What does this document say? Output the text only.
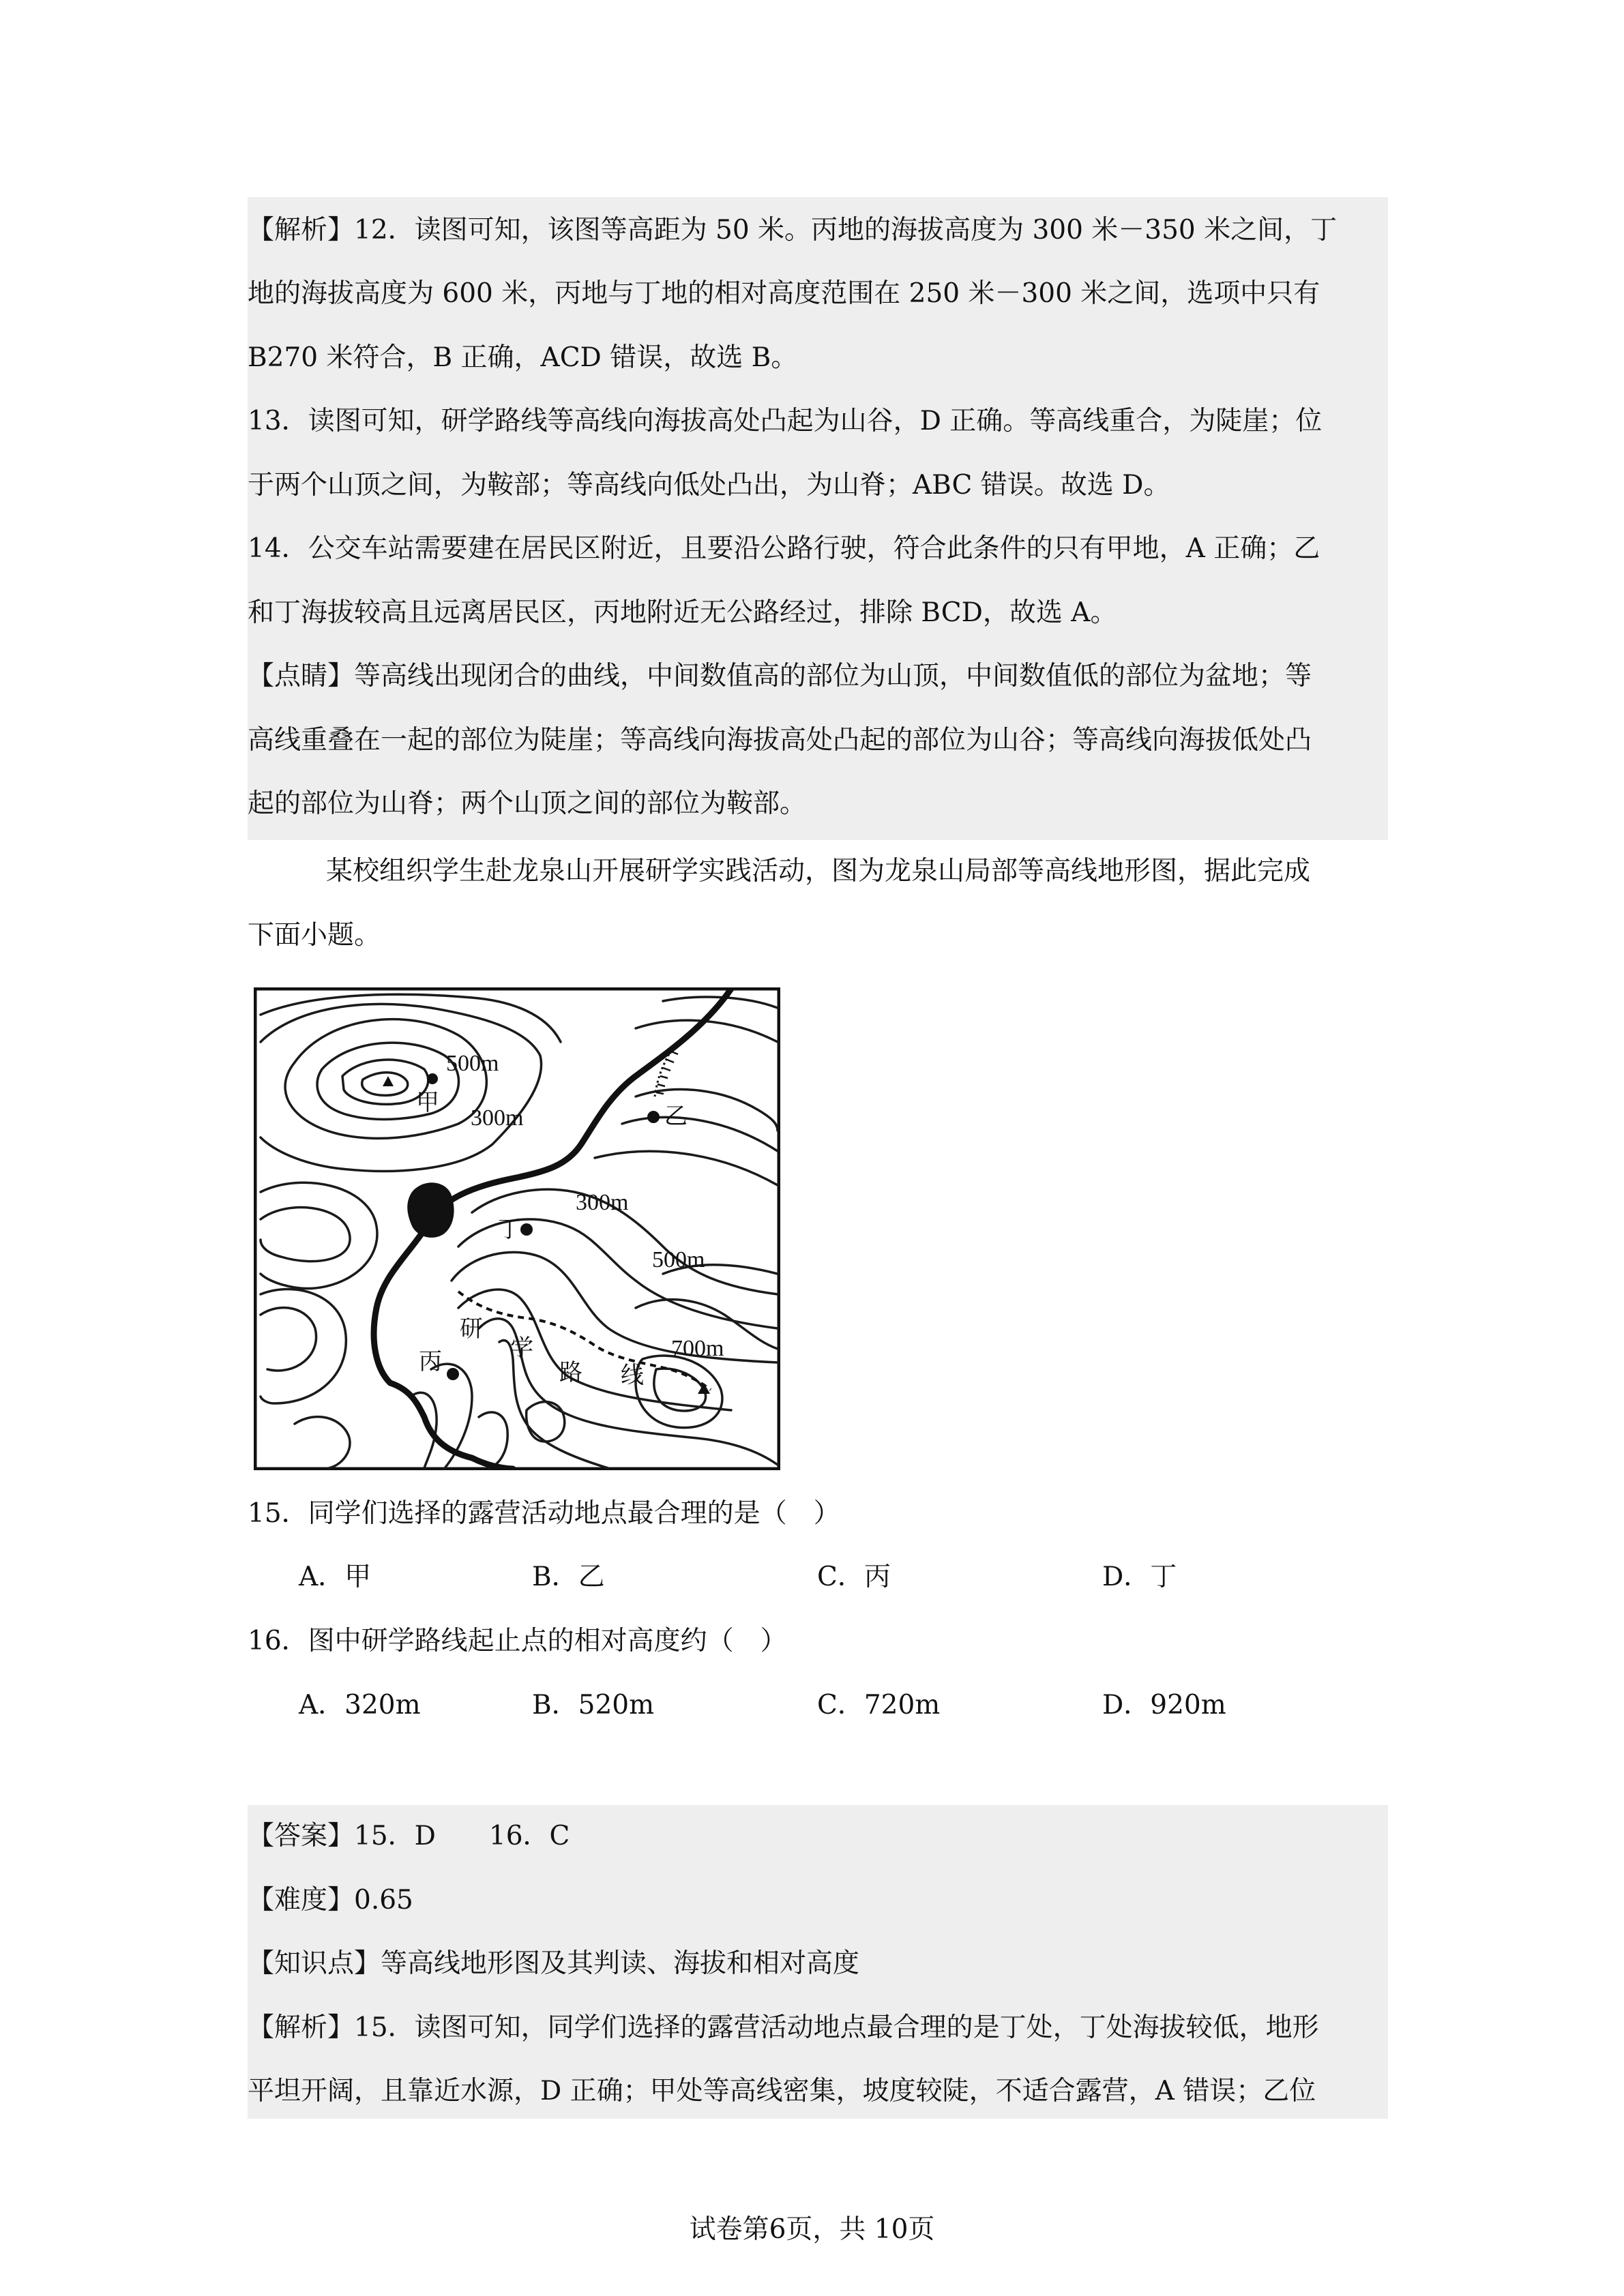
【解析】12．读图可知，该图等高距为 50 米。丙地的海拔高度为 300 米－350 米之间，丁
地的海拔高度为 600 米，丙地与丁地的相对高度范围在 250 米－300 米之间，选项中只有
B270 米符合，B 正确，ACD 错误，故选 B。
13．读图可知，研学路线等高线向海拔高处凸起为山谷，D 正确。等高线重合，为陡崖；位
于两个山顶之间，为鞍部；等高线向低处凸出，为山脊；ABC 错误。故选 D。
14．公交车站需要建在居民区附近，且要沿公路行驶，符合此条件的只有甲地，A 正确；乙
和丁海拔较高且远离居民区，丙地附近无公路经过，排除 BCD，故选 A。
【点睛】等高线出现闭合的曲线，中间数值高的部位为山顶，中间数值低的部位为盆地；等
高线重叠在一起的部位为陡崖；等高线向海拔高处凸起的部位为山谷；等高线向海拔低处凸
起的部位为山脊；两个山顶之间的部位为鞍部。
某校组织学生赴龙泉山开展研学实践活动，图为龙泉山局部等高线地形图，据此完成
下面小题。
500m
300m
300m
500m
700m
甲	乙
丁
丙
研
学
路 线
15．同学们选择的露营活动地点最合理的是（　）
A．甲	B．乙	C．丙	D．丁
16．图中研学路线起止点的相对高度约（　）
A．320m	B．520m	C．720m	D．920m
【答案】15．D　　16．C
【难度】0.65
【知识点】等高线地形图及其判读、海拔和相对高度
【解析】15．读图可知，同学们选择的露营活动地点最合理的是丁处，丁处海拔较低，地形
平坦开阔，且靠近水源，D 正确；甲处等高线密集，坡度较陡，不适合露营，A 错误；乙位
试卷第6页，共 10页
